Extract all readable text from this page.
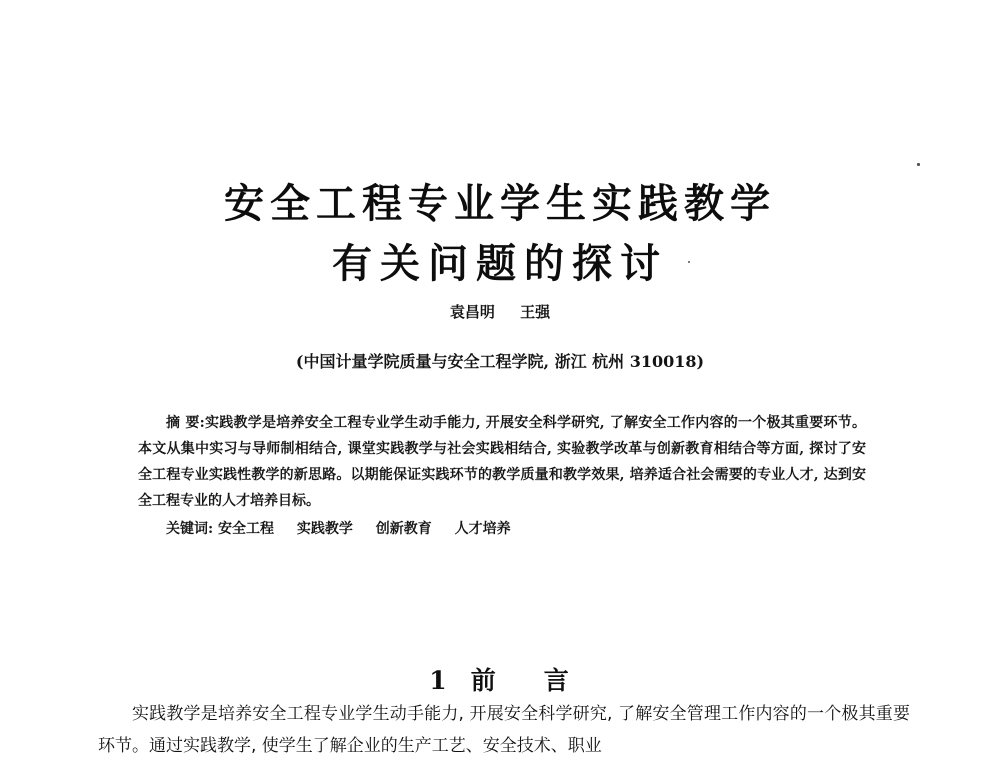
安全工程专业学生实践教学
有关问题的探讨
袁昌明 王强
(中国计量学院质量与安全工程学院, 浙江 杭州 310018)

摘 要:实践教学是培养安全工程专业学生动手能力, 开展安全科学研究, 了解安全工作内容的一个极其重要环节。本文从集中实习与导师制相结合, 课堂实践教学与社会实践相结合, 实验教学改革与创新教育相结合等方面, 探讨了安全工程专业实践性教学的新思路。以期能保证实践环节的教学质量和教学效果, 培养适合社会需要的专业人才, 达到安全工程专业的人才培养目标。

关键词: 安全工程 实践教学 创新教育 人才培养

1 前 言

实践教学是培养安全工程专业学生动手能力, 开展安全科学研究, 了解安全管理工作内容的一个极其重要环节。通过实践教学, 使学生了解企业的生产工艺、安全技术、职业
